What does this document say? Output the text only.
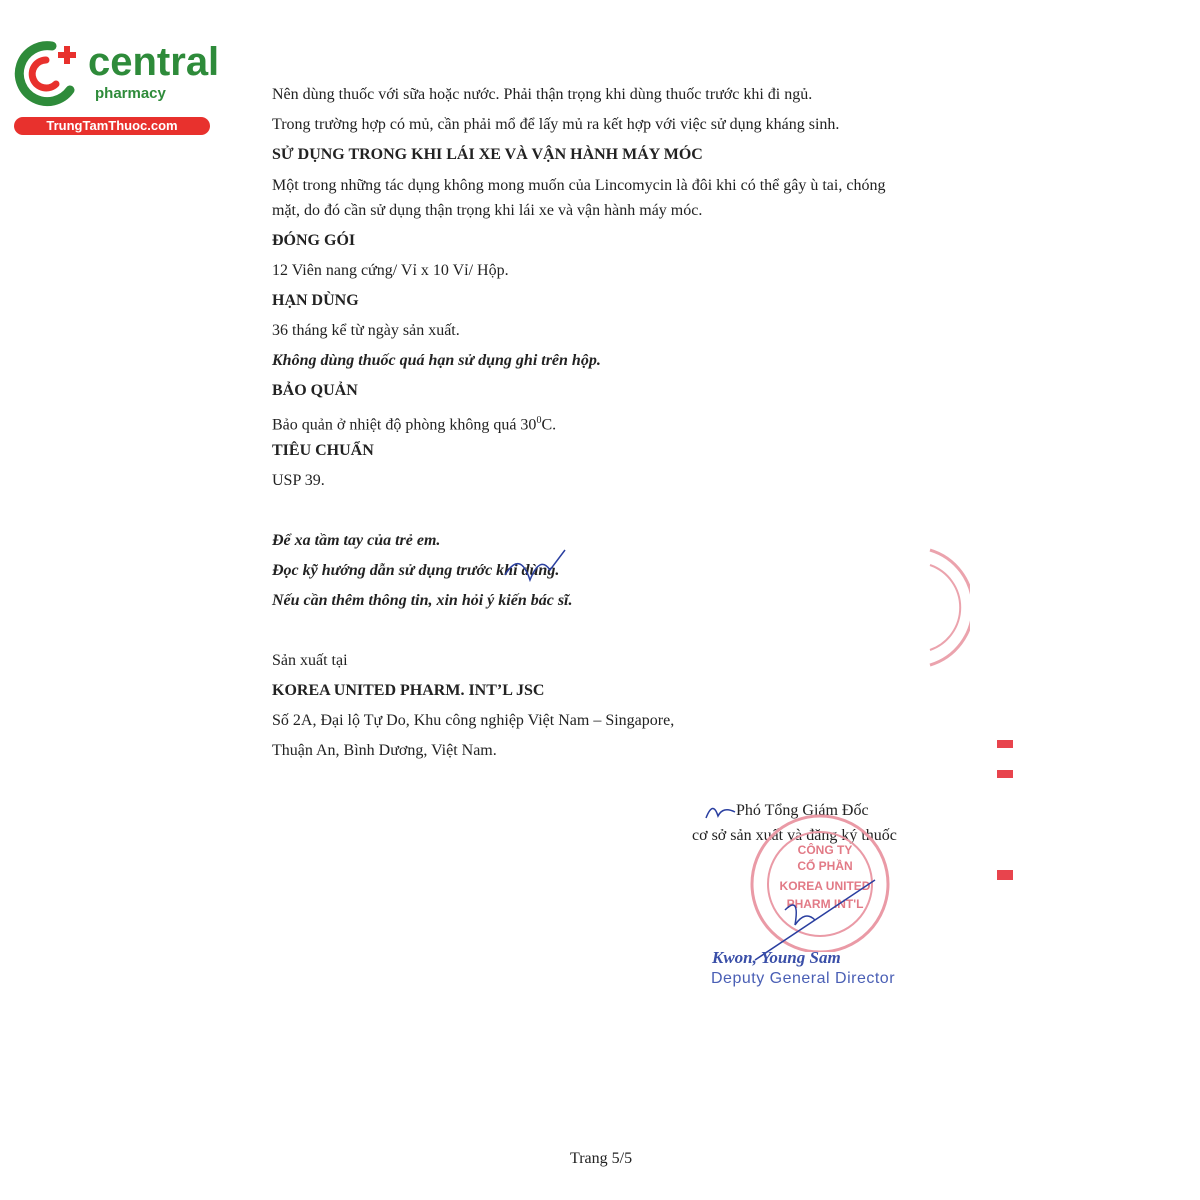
central
pharmacy
TrungTamThuoc.com
Nên dùng thuốc với sữa hoặc nước. Phải thận trọng khi dùng thuốc trước khi đi ngủ.
Trong trường hợp có mủ, cần phải mổ để lấy mủ ra kết hợp với việc sử dụng kháng sinh.
SỬ DỤNG TRONG KHI LÁI XE VÀ VẬN HÀNH MÁY MÓC
Một trong những tác dụng không mong muốn của Lincomycin là đôi khi có thể gây ù tai, chóng
mặt, do đó cần sử dụng thận trọng khi lái xe và vận hành máy móc.
ĐÓNG GÓI
12 Viên nang cứng/ Vỉ x 10 Vỉ/ Hộp.
HẠN DÙNG
36 tháng kể từ ngày sản xuất.
Không dùng thuốc quá hạn sử dụng ghi trên hộp.
BẢO QUẢN
Bảo quản ở nhiệt độ phòng không quá $30^0C$.
TIÊU CHUẨN
USP 39.
Để xa tầm tay của trẻ em.
Đọc kỹ hướng dẫn sử dụng trước khi dùng.
Nếu cần thêm thông tin, xin hỏi ý kiến bác sĩ.
Sản xuất tại
KOREA UNITED PHARM. INT’L JSC
Số 2A, Đại lộ Tự Do, Khu công nghiệp Việt Nam – Singapore,
Thuận An, Bình Dương, Việt Nam.
Phó Tổng Giám Đốc
cơ sở sản xuất và đăng ký thuốc
CÔNG TY
CỔ PHẦN
KOREA UNITED
PHARM INT'L
Kwon, Young Sam
Deputy General Director
Trang 5/5
